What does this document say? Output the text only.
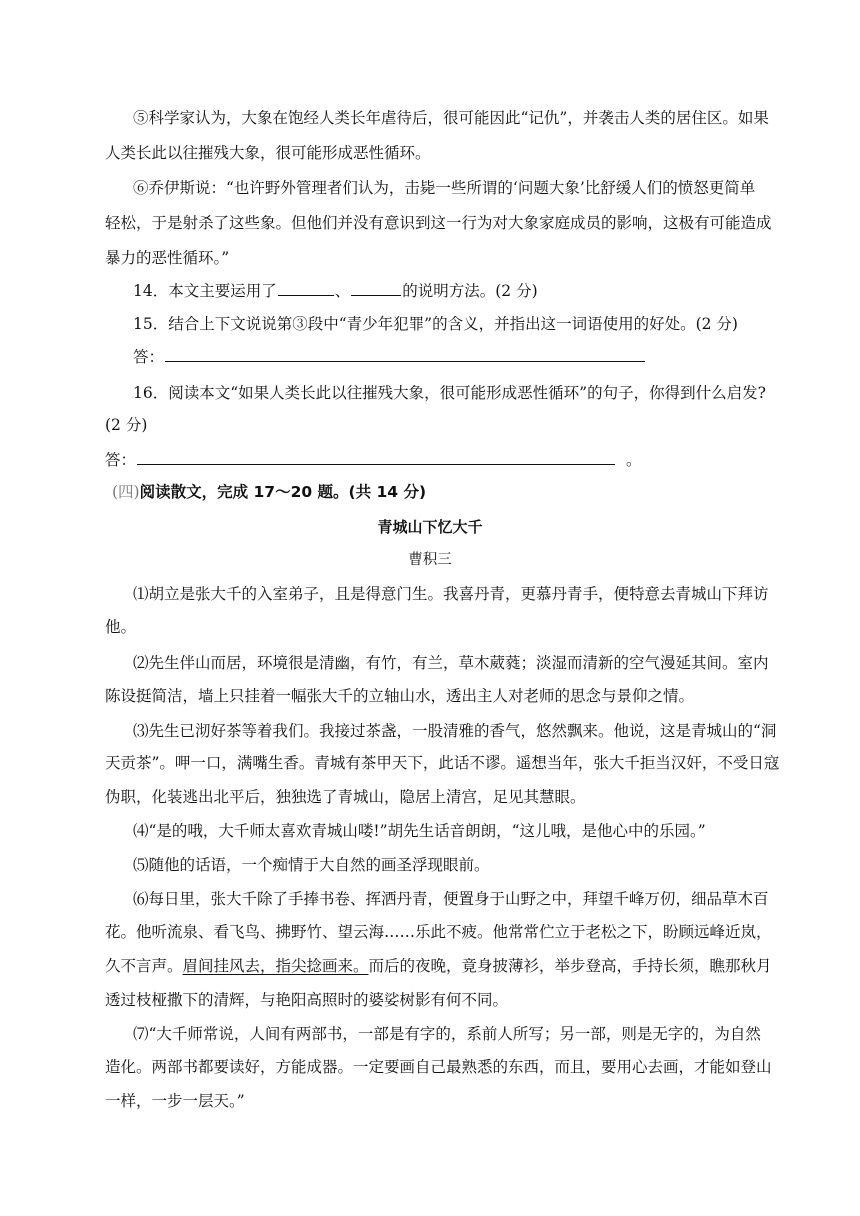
⑤科学家认为，大象在饱经人类长年虐待后，很可能因此“记仇”，并袭击人类的居住区。如果
人类长此以往摧残大象，很可能形成恶性循环。
⑥乔伊斯说：“也许野外管理者们认为，击毙一些所谓的‘问题大象’比舒缓人们的愤怒更简单
轻松，于是射杀了这些象。但他们并没有意识到这一行为对大象家庭成员的影响，这极有可能造成
暴力的恶性循环。”
14．本文主要运用了	、	的说明方法。(2 分)
15．结合上下文说说第③段中“青少年犯罪”的含义，并指出这一词语使用的好处。(2 分)
答：
16．阅读本文“如果人类长此以往摧残大象，很可能形成恶性循环”的句子，你得到什么启发?
(2 分)
答：	。
(四)阅读散文，完成 17～20 题。(共 14 分)
青城山下忆大千
曹积三
⑴胡立是张大千的入室弟子，且是得意门生。我喜丹青，更慕丹青手，便特意去青城山下拜访
他。
⑵先生伴山而居，环境很是清幽，有竹，有兰，草木葳蕤；淡湿而清新的空气漫延其间。室内
陈设挺简洁，墙上只挂着一幅张大千的立轴山水，透出主人对老师的思念与景仰之情。
⑶先生已沏好茶等着我们。我接过茶盏，一股清雅的香气，悠然飘来。他说，这是青城山的“洞
天贡茶”。呷一口，满嘴生香。青城有茶甲天下，此话不谬。遥想当年，张大千拒当汉奸，不受日寇
伪职，化装逃出北平后，独独选了青城山，隐居上清宫，足见其慧眼。
⑷“是的哦，大千师太喜欢青城山喽!”胡先生话音朗朗，“这儿哦，是他心中的乐园。”
⑸随他的话语，一个痴情于大自然的画圣浮现眼前。
⑹每日里，张大千除了手捧书卷、挥洒丹青，便置身于山野之中，拜望千峰万仞，细品草木百
花。他听流泉、看飞鸟、拂野竹、望云海……乐此不疲。他常常伫立于老松之下，盼顾远峰近岚，
久不言声。眉间挂风去，指尖捻画来。而后的夜晚，竟身披薄衫，举步登高，手持长须，瞧那秋月
透过枝桠撒下的清辉，与艳阳高照时的婆娑树影有何不同。
⑺“大千师常说，人间有两部书，一部是有字的，系前人所写；另一部，则是无字的，为自然
造化。两部书都要读好，方能成器。一定要画自己最熟悉的东西，而且，要用心去画，才能如登山
一样，一步一层天。”
